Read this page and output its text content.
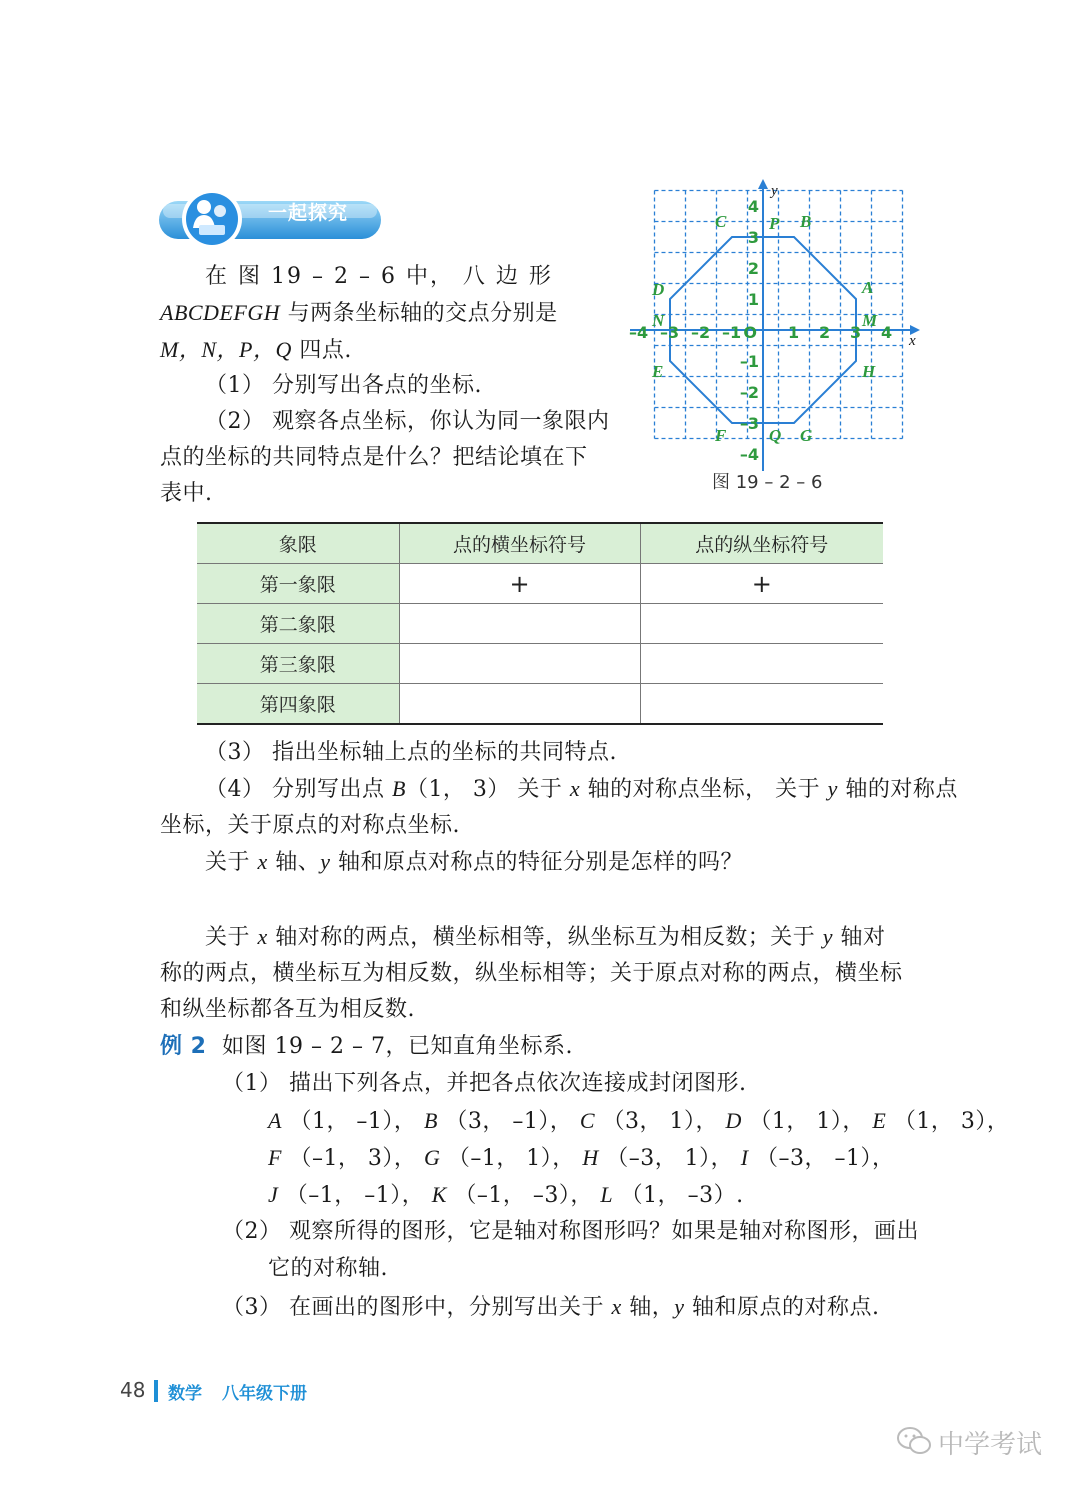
一起探究
在 图 19 – 2 – 6 中， 八 边 形
ABCDEFGH 与两条坐标轴的交点分别是
M，N，P，Q 四点.
（1） 分别写出各点的坐标.
（2） 观察各点坐标，你认为同一象限内
点的坐标的共同特点是什么？把结论填在下
表中.
x
y
–4 –3 –2 –1	1 2 3 4
4
3
2
1
–1
–2
–3
–4
O
A
B
C
D
E
F	G
H
M
N
P
Q
图 19 – 2 – 6
象限	点的横坐标符号	点的纵坐标符号
第一象限	+	+
第二象限		
第三象限		
第四象限		
（3） 指出坐标轴上点的坐标的共同特点.
（4） 分别写出点 B（1， 3） 关于 x 轴的对称点坐标， 关于 y 轴的对称点
坐标，关于原点的对称点坐标.
关于 x 轴、y 轴和原点对称点的特征分别是怎样的吗？
关于 x 轴对称的两点，横坐标相等，纵坐标互为相反数；关于 y 轴对
称的两点，横坐标互为相反数，纵坐标相等；关于原点对称的两点，横坐标
和纵坐标都各互为相反数.
例 2 如图 19 – 2 – 7，已知直角坐标系.
（1） 描出下列各点，并把各点依次连接成封闭图形.
A （1， –1）， B （3， –1）， C （3， 1）， D （1， 1）， E （1， 3），
F （–1， 3）， G （–1， 1）， H （–3， 1）， I （–3， –1），
J （–1， –1）， K （–1， –3）， L （1， –3）.
（2） 观察所得的图形，它是轴对称图形吗？如果是轴对称图形，画出
它的对称轴.
（3） 在画出的图形中，分别写出关于 x 轴，y 轴和原点的对称点.
48 数学 八年级下册
中学考试
